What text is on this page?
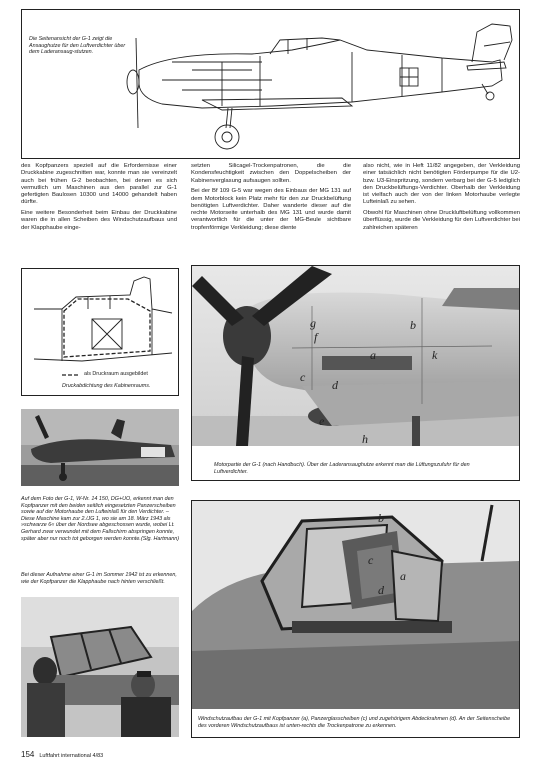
Die Seitenansicht der G-1 zeigt die Ansaughutze für den Luftverdichter über dem Laderansaug-stutzen.

des Kopfpanzers speziell auf die Erfordernisse einer Druckkabine zugeschnitten war, konnte man sie vereinzelt auch bei frühen G-2 beobachten, bei denen es sich vermutlich um Maschinen aus den parallel zur G-1 gefertigten Baulosen 10300 und 14000 gehandelt haben dürfte.

Eine weitere Besonderheit beim Einbau der Druckkabine waren die in allen Scheiben des Windschutzaufbaus und der Klapphaube einge-

setzten Silicagel-Trockenpatronen, die die Kondensfeuchtigkeit zwischen den Doppelscheiben der Kabinenverglasung aufsaugen sollten.

Bei der Bf 109 G-5 war wegen des Einbaus der MG 131 auf dem Motorblock kein Platz mehr für den zur Druckbelüftung benötigten Luftverdichter. Daher wanderte dieser auf die rechte Motorseite unterhalb des MG 131 und wurde damit verantwortlich für die unter der MG-Beule sichtbare tropfenförmige Verkleidung; diese diente

also nicht, wie in Heft 11/82 angegeben, der Verkleidung einer tatsächlich nicht benötigten Förderpumpe für die U2- bzw. U3-Einspritzung, sondern verbarg bei der G-5 lediglich den Druckbelüftungs-Verdichter. Oberhalb der Verkleidung ist vielfach auch der von der linken Motorhaube verlegte Lufteinlaß zu sehen.

Obwohl für Maschinen ohne Druckluftbelüftung vollkommen überflüssig, wurde die Verkleidung für den Luftverdichter bei zahlreichen späteren

als Druckraum ausgebildet
Druckabdichtung des Kabinenraums.
g	b
f
a	k
c
d
e
h
Motorpartie der G-1 (nach Handbuch). Über der Laderansaughutze erkennt man die Lüftungszufuhr für den Luftverdichter.
Auf dem Foto der G-1, W-Nr. 14 150, DG+UO, erkennt man den Kopfpanzer mit den beiden seitlich eingesetzten Panzerscheiben sowie auf der Motorhaube den Lufteinlaß für den Verdichter. – Diese Maschine kam zur 2./JG 1, wo sie am 18. März 1943 als »schwarze 6« über der Nordsee abgeschossen wurde, wobei Lt. Gerhard zwar verwundet mit dem Fallschirm abspringen konnte, später aber nur noch tot geborgen werden konnte. (Slg. Hartmann)
Bei dieser Aufnahme einer G-1 im Sommer 1942 ist zu erkennen, wie der Kopfpanzer die Klapphaube nach hinten verschließt.
b
c
a
d
Windschutzaufbau der G-1 mit Kopfpanzer (a), Panzerglasscheiben (c) und zugehörigem Abdeckrahmen (d). An der Seitenscheibe des vorderen Windschutzaufbaus ist unten-rechts die Trockenpatrone zu erkennen.
154 Luftfahrt international 4/83
